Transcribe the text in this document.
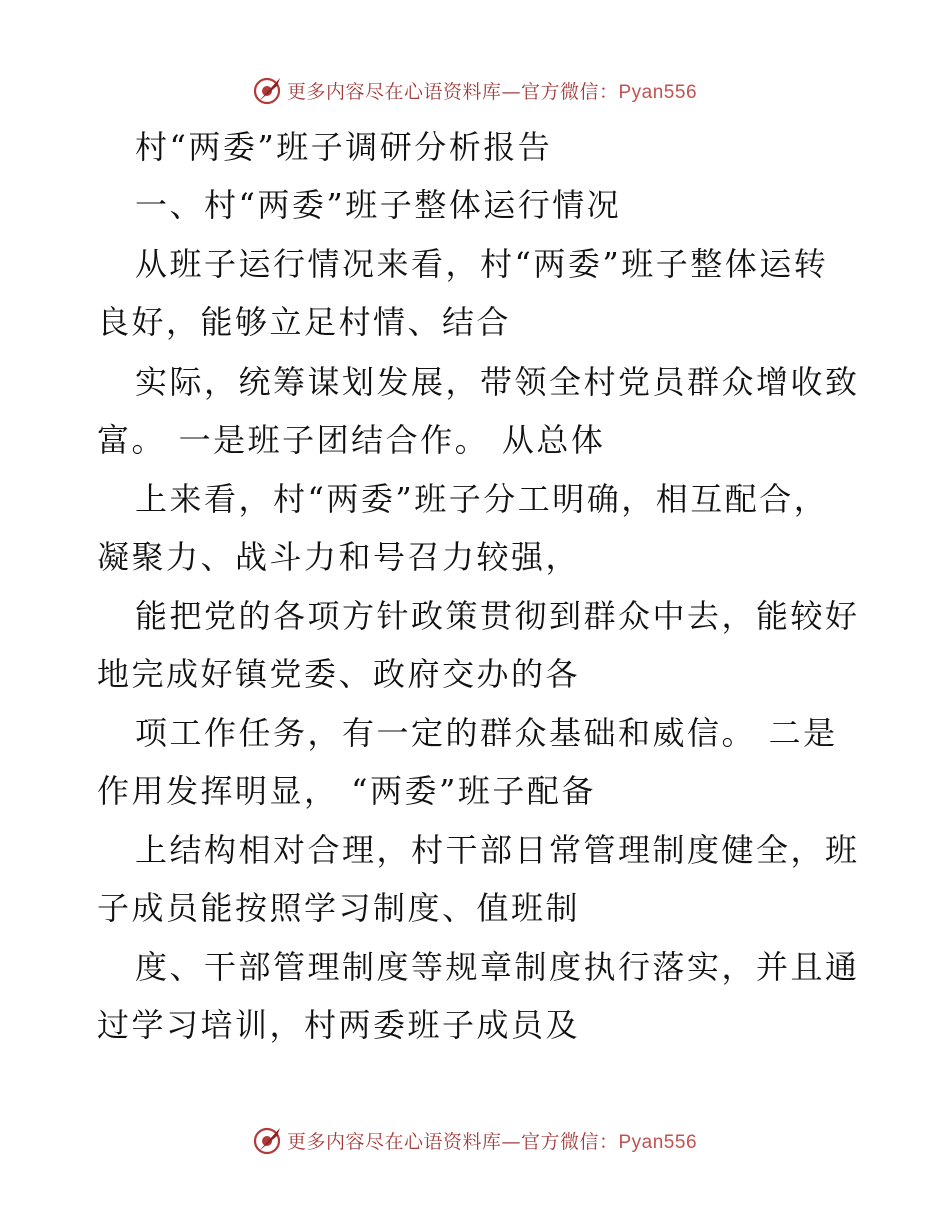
更多内容尽在心语资料库—官方微信：Pyan556
村“两委”班子调研分析报告
一、村“两委”班子整体运行情况
从班子运行情况来看，村“两委”班子整体运转
良好，能够立足村情、结合
实际，统筹谋划发展，带领全村党员群众增收致
富。 一是班子团结合作。 从总体
上来看，村“两委”班子分工明确，相互配合，
凝聚力、战斗力和号召力较强，
能把党的各项方针政策贯彻到群众中去，能较好
地完成好镇党委、政府交办的各
项工作任务，有一定的群众基础和威信。 二是
作用发挥明显， “两委”班子配备
上结构相对合理，村干部日常管理制度健全，班
子成员能按照学习制度、值班制
度、干部管理制度等规章制度执行落实，并且通
过学习培训，村两委班子成员及
更多内容尽在心语资料库—官方微信：Pyan556
